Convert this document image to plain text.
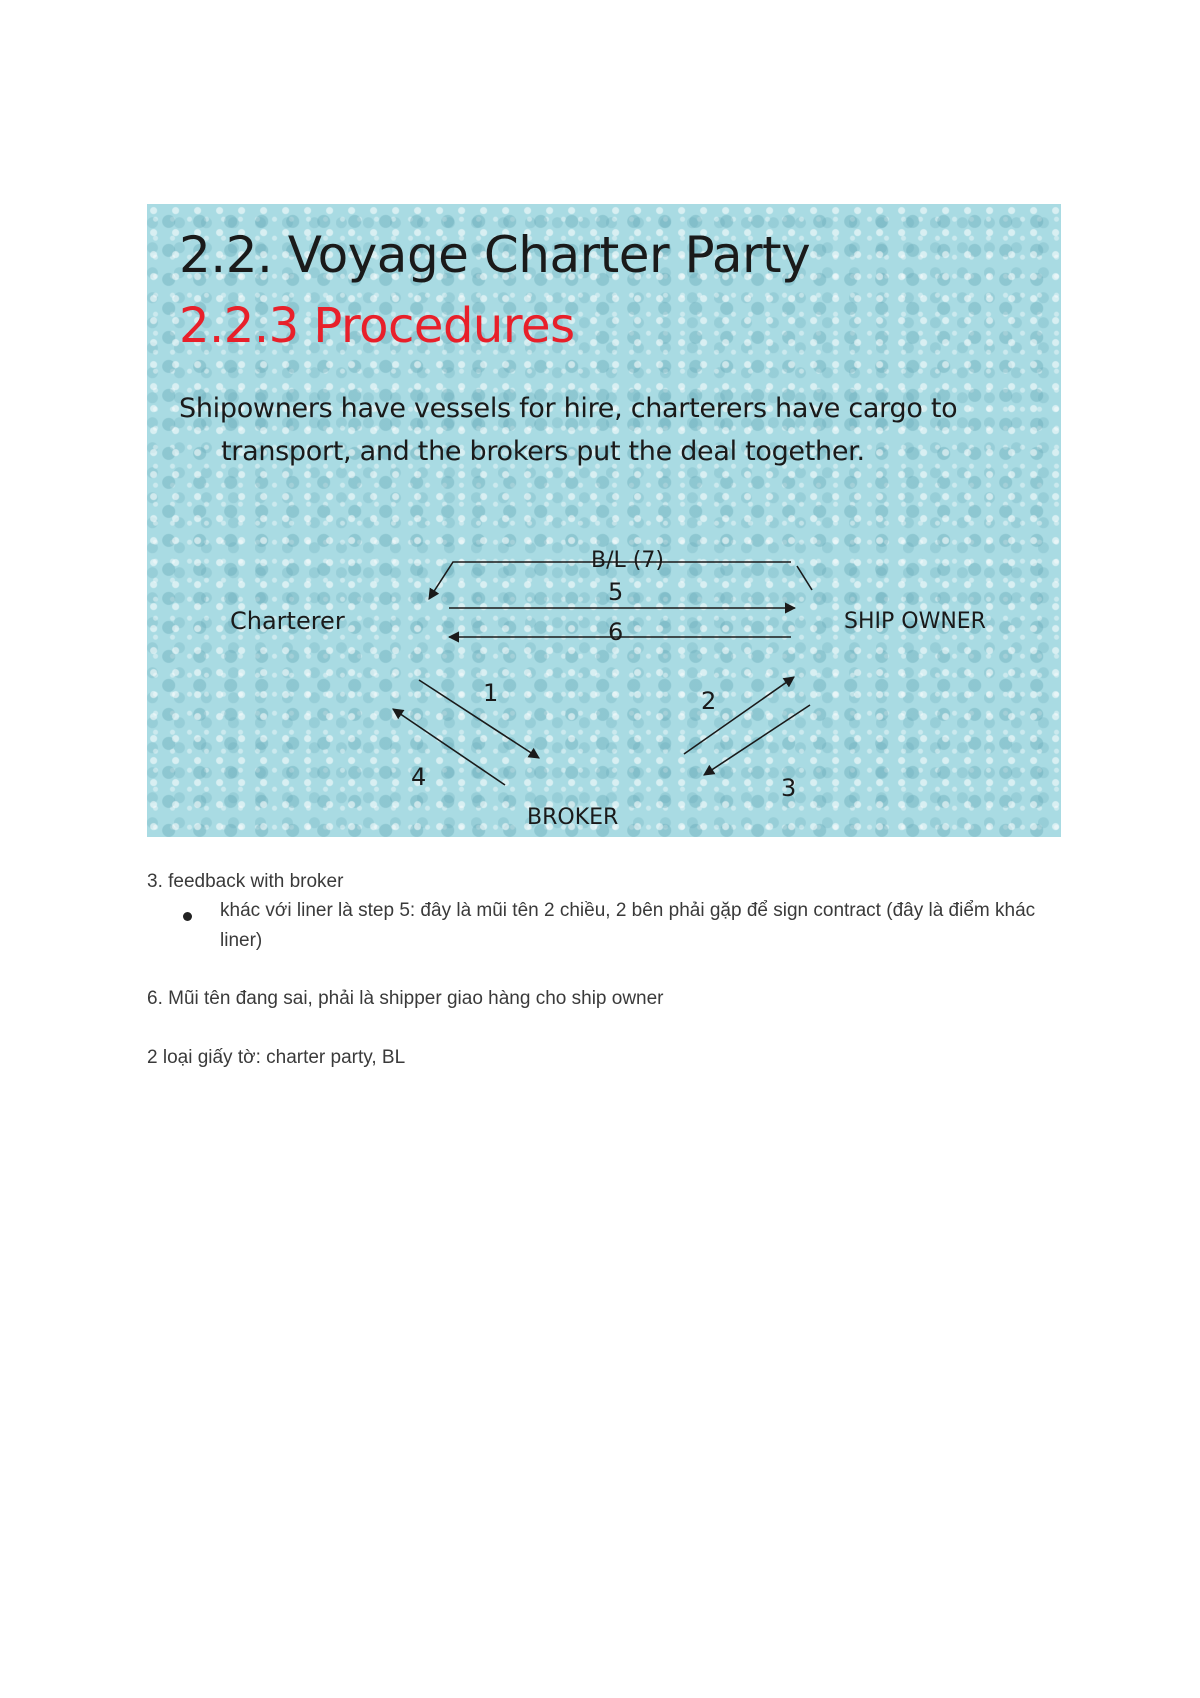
2.2. Voyage Charter Party
2.2.3 Procedures
Shipowners have vessels for hire, charterers have cargo to transport, and the brokers put the deal together.
B/L (7)
5
6
Charterer	SHIP OWNER
BROKER
1
4
2
3
3. feedback with broker
khác với liner là step 5: đây là mũi tên 2 chiều, 2 bên phải gặp để sign contract (đây là điểm khác liner)
6. Mũi tên đang sai, phải là shipper giao hàng cho ship owner
2 loại giấy tờ: charter party, BL
